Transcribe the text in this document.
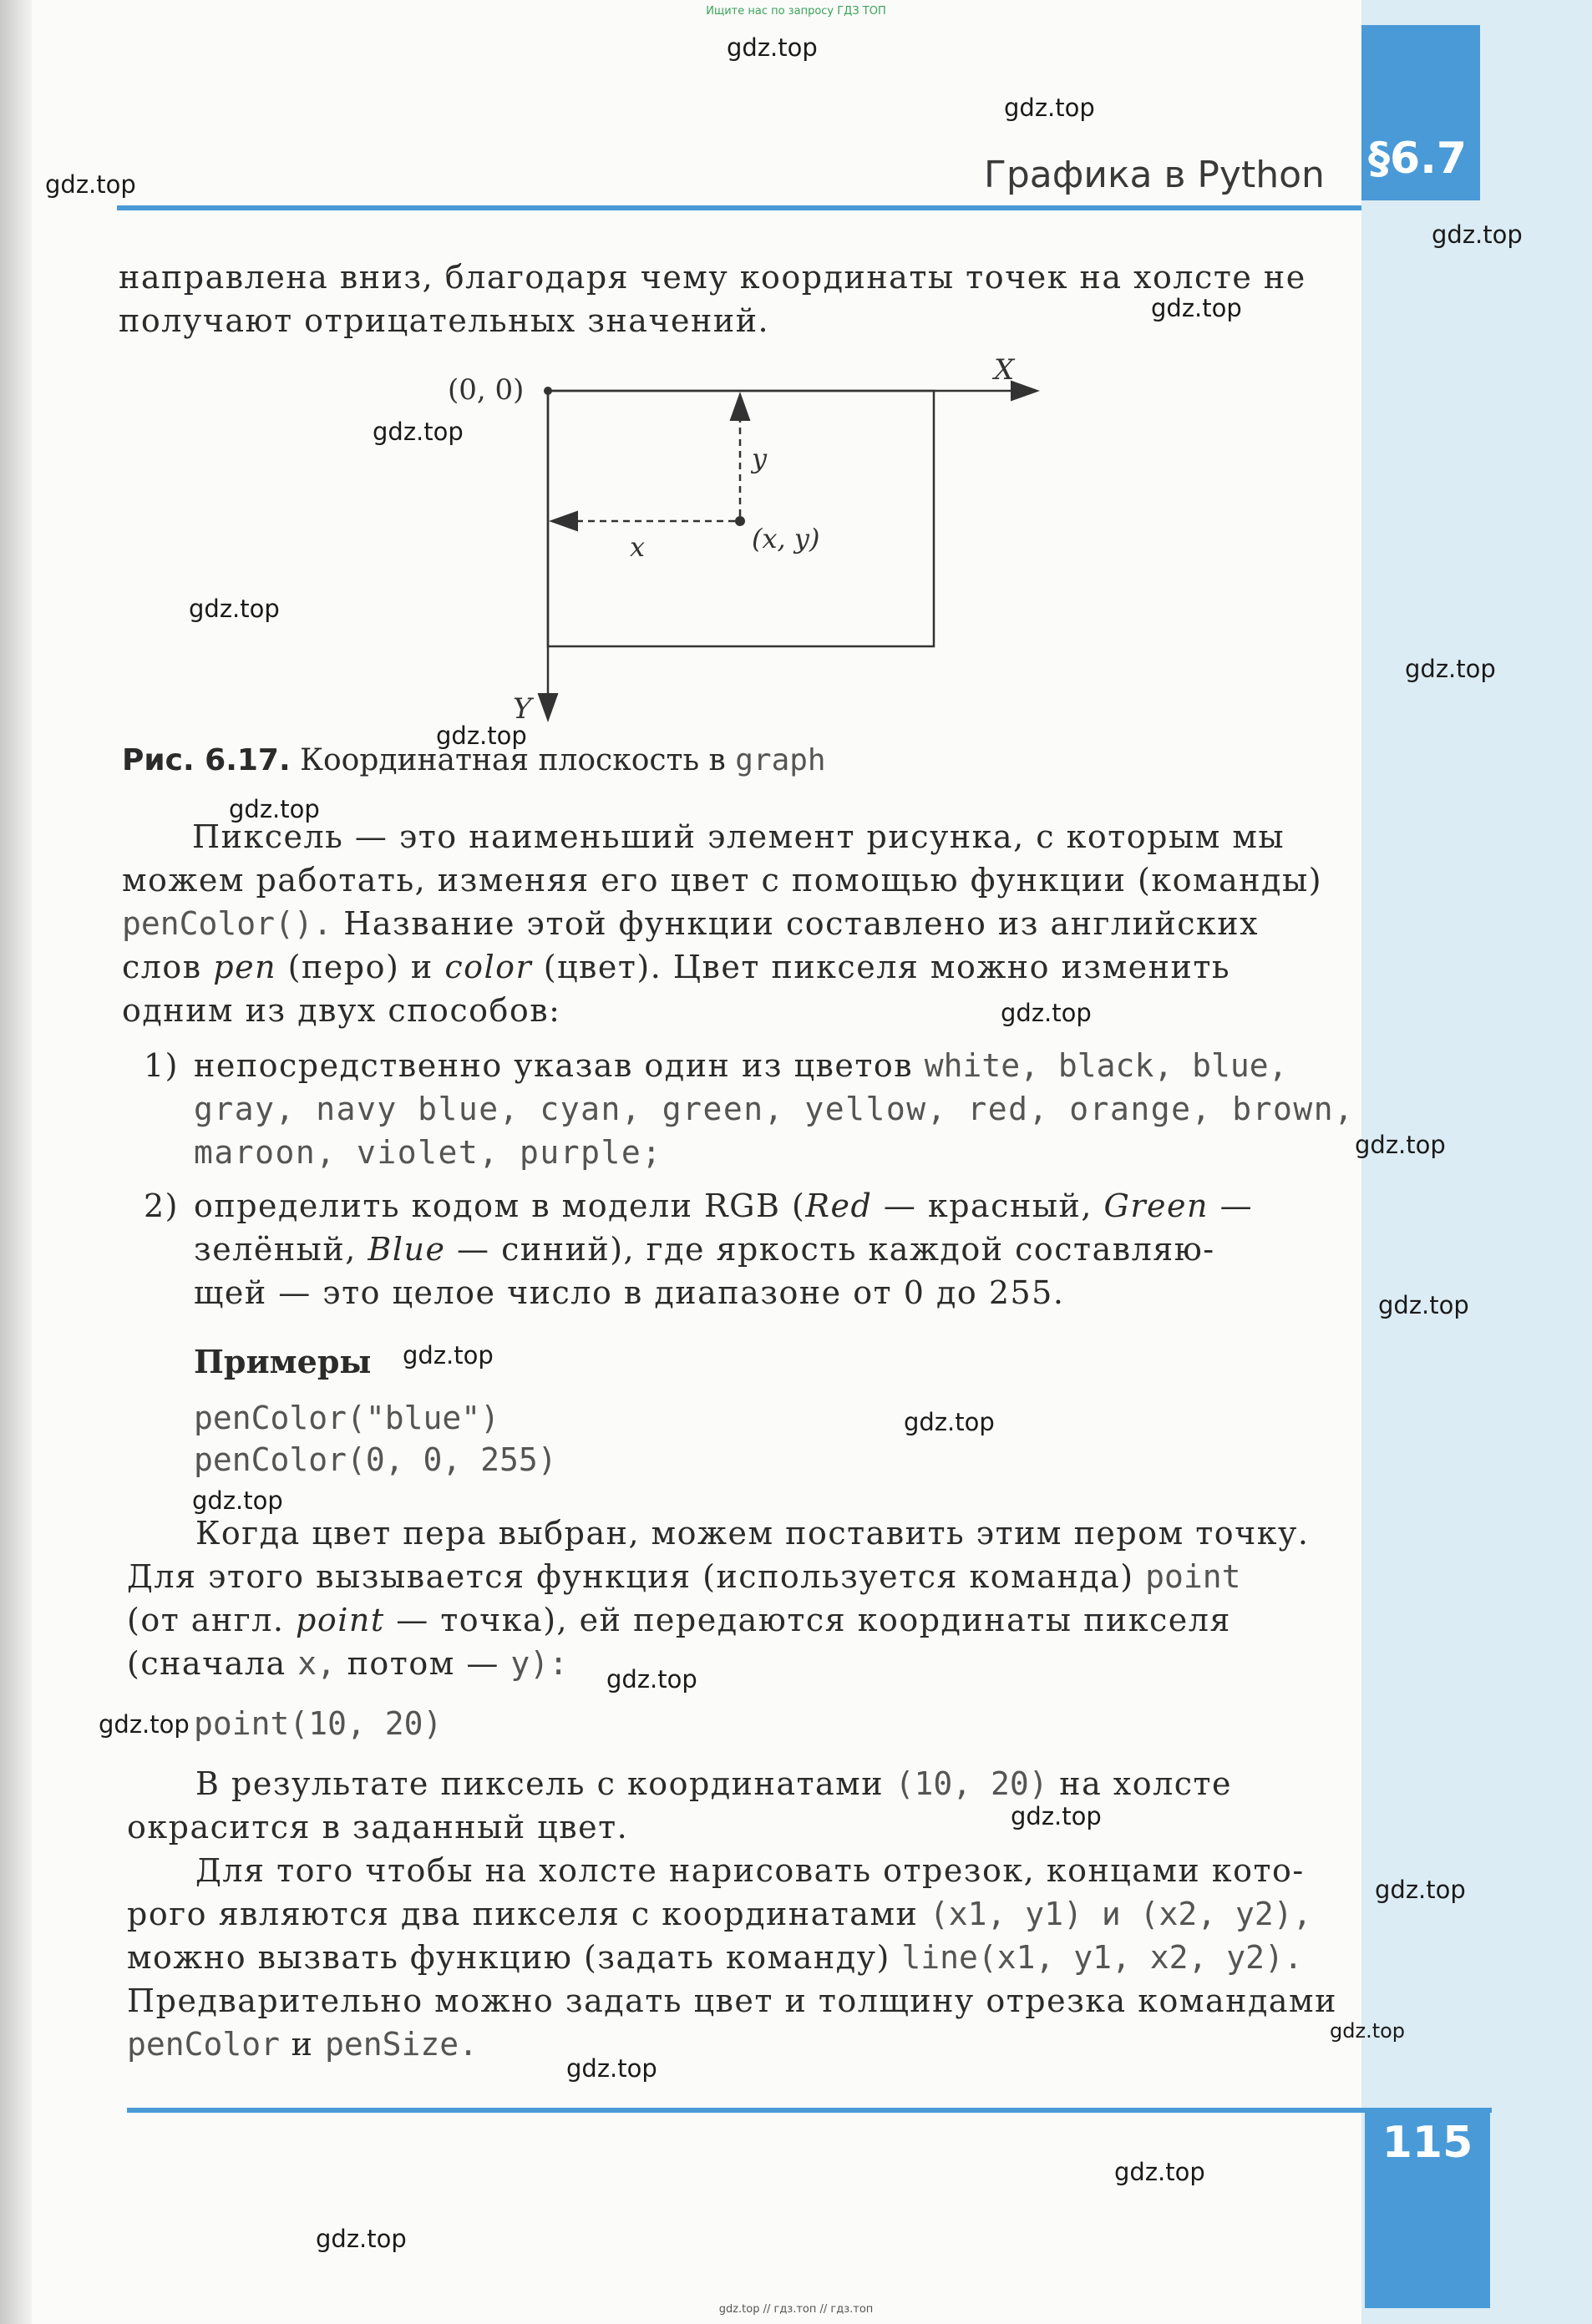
§6.7
Ищите нас по запросу ГДЗ ТОП
Графика в Python
направлена вниз, благодаря чему координаты точек на холсте не
получают отрицательных значений.
(0, 0)
X
Y
x
y
(x, y)
Рис. 6.17. Координатная плоскость в graph
Пиксель — это наименьший элемент рисунка, с которым мы
можем работать, изменяя его цвет с помощью функции (команды)
penColor(). Название этой функции составлено из английских
слов pen (перо) и color (цвет). Цвет пикселя можно изменить
одним из двух способов:
1) непосредственно указав один из цветов white, black, blue,
gray, navy blue, cyan, green, yellow, red, orange, brown,
maroon, violet, purple;
2) определить кодом в модели RGB (Red — красный, Green —
зелёный, Blue — синий), где яркость каждой составляю-
щей — это целое число в диапазоне от 0 до 255.
Примеры
penColor("blue")
penColor(0, 0, 255)
Когда цвет пера выбран, можем поставить этим пером точку.
Для этого вызывается функция (используется команда) point
(от англ. point — точка), ей передаются координаты пикселя
(сначала x, потом — y):
point(10, 20)
В результате пиксель с координатами (10, 20) на холсте
окрасится в заданный цвет.
Для того чтобы на холсте нарисовать отрезок, концами кото-
рого являются два пикселя с координатами (x1, y1) и (x2, y2),
можно вызвать функцию (задать команду) line(x1, y1, x2, y2).
Предварительно можно задать цвет и толщину отрезка командами
penColor и penSize.
115
gdz.top
gdz.top
gdz.top
gdz.top
gdz.top
gdz.top
gdz.top
gdz.top
gdz.top
gdz.top
gdz.top
gdz.top
gdz.top
gdz.top
gdz.top
gdz.top
gdz.top
gdz.top
gdz.top
gdz.top
gdz.top
gdz.top
gdz.top
gdz.top
gdz.top // гдз.топ // гдз.топ
